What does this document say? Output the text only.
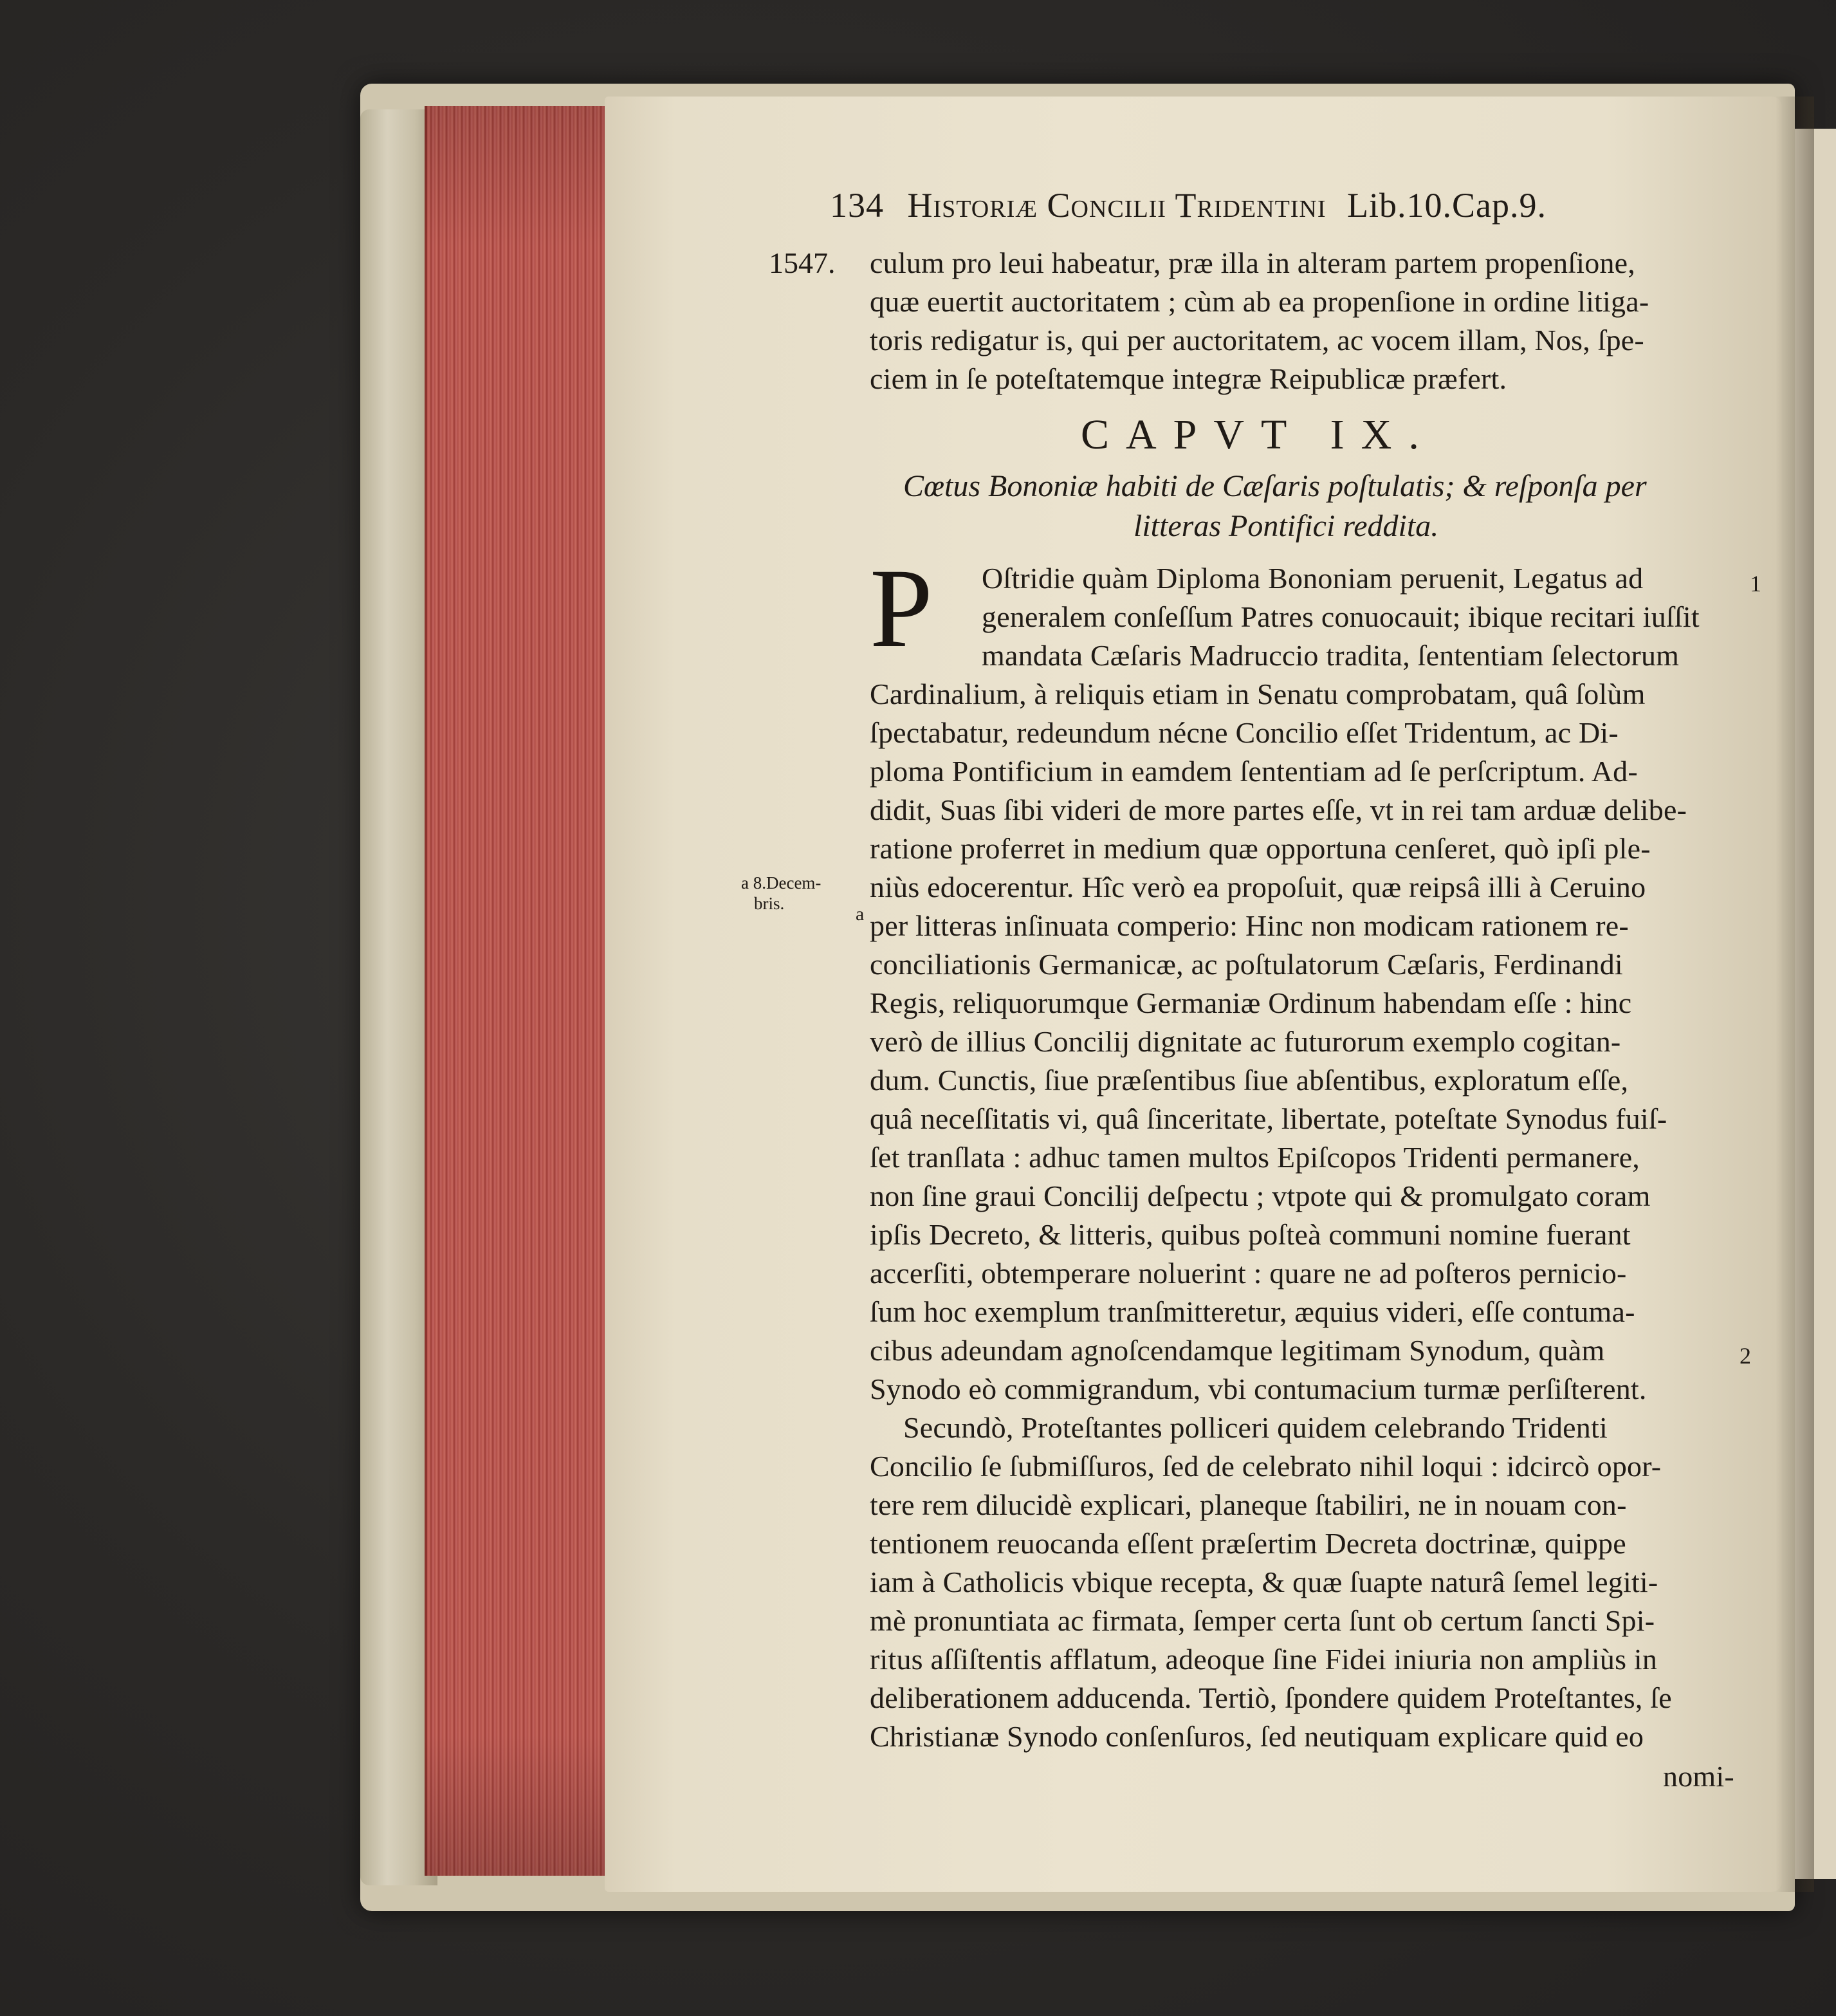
134 Historiæ Concilii Tridentini Lib.10.Cap.9.
1547. culum pro leui habeatur, præ illa in alteram partem propenſione,
quæ euertit auctoritatem ; cùm ab ea propenſione in ordine litiga-
toris redigatur is, qui per auctoritatem, ac vocem illam, Nos, ſpe-
ciem in ſe poteſtatemque integræ Reipublicæ præfert.
CAPVT IX.
Cœtus Bononiæ habiti de Cæſaris poſtulatis; & reſponſa per
litteras Pontifici reddita.
P Oſtridie quàm Diploma Bononiam peruenit, Legatus ad
generalem conſeſſum Patres conuocauit; ibique recitari iuſſit
mandata Cæſaris Madruccio tradita, ſententiam ſelectorum
Cardinalium, à reliquis etiam in Senatu comprobatam, quâ ſolùm
ſpectabatur, redeundum nécne Concilio eſſet Tridentum, ac Di-
ploma Pontificium in eamdem ſententiam ad ſe perſcriptum. Ad-
didit, Suas ſibi videri de more partes eſſe, vt in rei tam arduæ delibe-
ratione proferret in medium quæ opportuna cenſeret, quò ipſi ple-
niùs edocerentur. Hîc verò ea propoſuit, quæ reipsâ illi à Ceruino
a per litteras inſinuata comperio: Hinc non modicam rationem re-
conciliationis Germanicæ, ac poſtulatorum Cæſaris, Ferdinandi
Regis, reliquorumque Germaniæ Ordinum habendam eſſe : hinc
verò de illius Concilij dignitate ac futurorum exemplo cogitan-
dum. Cunctis, ſiue præſentibus ſiue abſentibus, exploratum eſſe,
quâ neceſſitatis vi, quâ ſinceritate, libertate, poteſtate Synodus fuiſ-
ſet tranſlata : adhuc tamen multos Epiſcopos Tridenti permanere,
non ſine graui Concilij deſpectu ; vtpote qui & promulgato coram
ipſis Decreto, & litteris, quibus poſteà communi nomine fuerant
accerſiti, obtemperare noluerint : quare ne ad poſteros pernicio-
ſum hoc exemplum tranſmitteretur, æquius videri, eſſe contuma-
cibus adeundam agnoſcendamque legitimam Synodum, quàm
Synodo eò commigrandum, vbi contumacium turmæ perſiſterent.
Secundò, Proteſtantes polliceri quidem celebrando Tridenti
Concilio ſe ſubmiſſuros, ſed de celebrato nihil loqui : idcircò opor-
tere rem dilucidè explicari, planeque ſtabiliri, ne in nouam con-
tentionem reuocanda eſſent præſertim Decreta doctrinæ, quippe
iam à Catholicis vbique recepta, & quæ ſuapte naturâ ſemel legiti-
mè pronuntiata ac firmata, ſemper certa ſunt ob certum ſancti Spi-
ritus aſſiſtentis afflatum, adeoque ſine Fidei iniuria non ampliùs in
deliberationem adducenda. Tertiò, ſpondere quidem Proteſtantes, ſe
Christianæ Synodo conſenſuros, ſed neutiquam explicare quid eo
nomi-
a 8.Decem-
bris.
1
2
